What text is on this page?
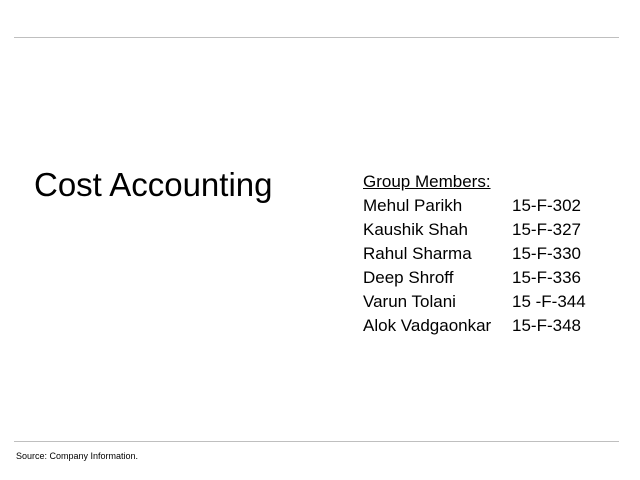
Cost Accounting	Group Members:
Mehul Parikh	15-F-302
Kaushik Shah	15-F-327
Rahul Sharma 15-F-330
Deep Shroff	15-F-336
Varun Tolani	15 -F-344
Alok Vadgaonkar 15-F-348
Source: Company Information.
